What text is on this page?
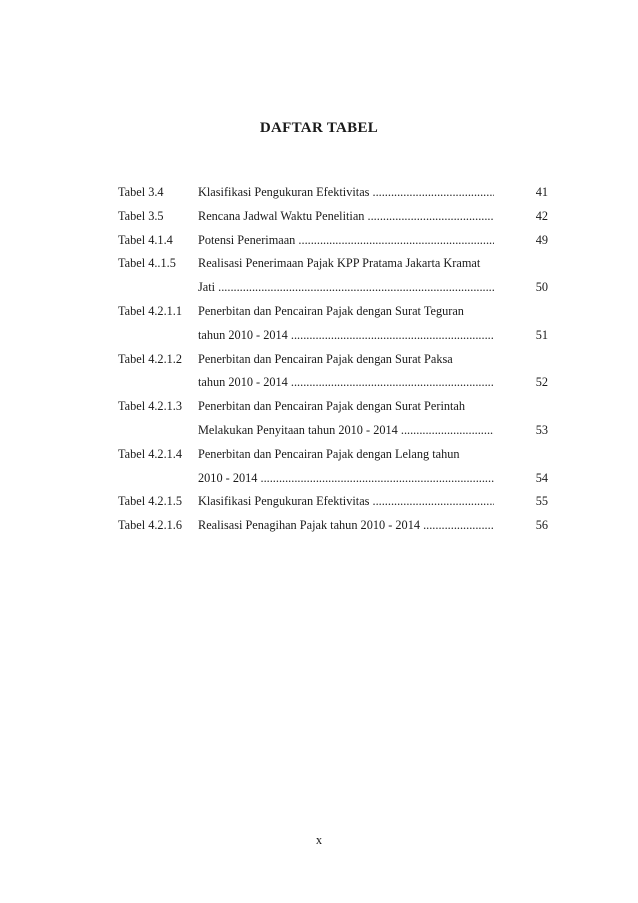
DAFTAR TABEL
Tabel 3.4	Klasifikasi Pengukuran Efektivitas .....	41
Tabel 3.5	Rencana Jadwal Waktu Penelitian .....	42
Tabel 4.1.4 Potensi Penerimaan .....	49
Tabel 4..1.5 Realisasi Penerimaan Pajak KPP Pratama Jakarta Kramat
Jati .....	50
Tabel 4.2.1.1 Penerbitan dan Pencairan Pajak dengan Surat Teguran
tahun 2010 - 2014 .....	51
Tabel 4.2.1.2 Penerbitan dan Pencairan Pajak dengan Surat Paksa
tahun 2010 - 2014 .....	52
Tabel 4.2.1.3 Penerbitan dan Pencairan Pajak dengan Surat Perintah
Melakukan Penyitaan tahun 2010 - 2014 .....	53
Tabel 4.2.1.4 Penerbitan dan Pencairan Pajak dengan Lelang tahun
2010 - 2014 .....	54
Tabel 4.2.1.5 Klasifikasi Pengukuran Efektivitas .....	55
Tabel 4.2.1.6 Realisasi Penagihan Pajak tahun 2010 - 2014 .....	56
x
